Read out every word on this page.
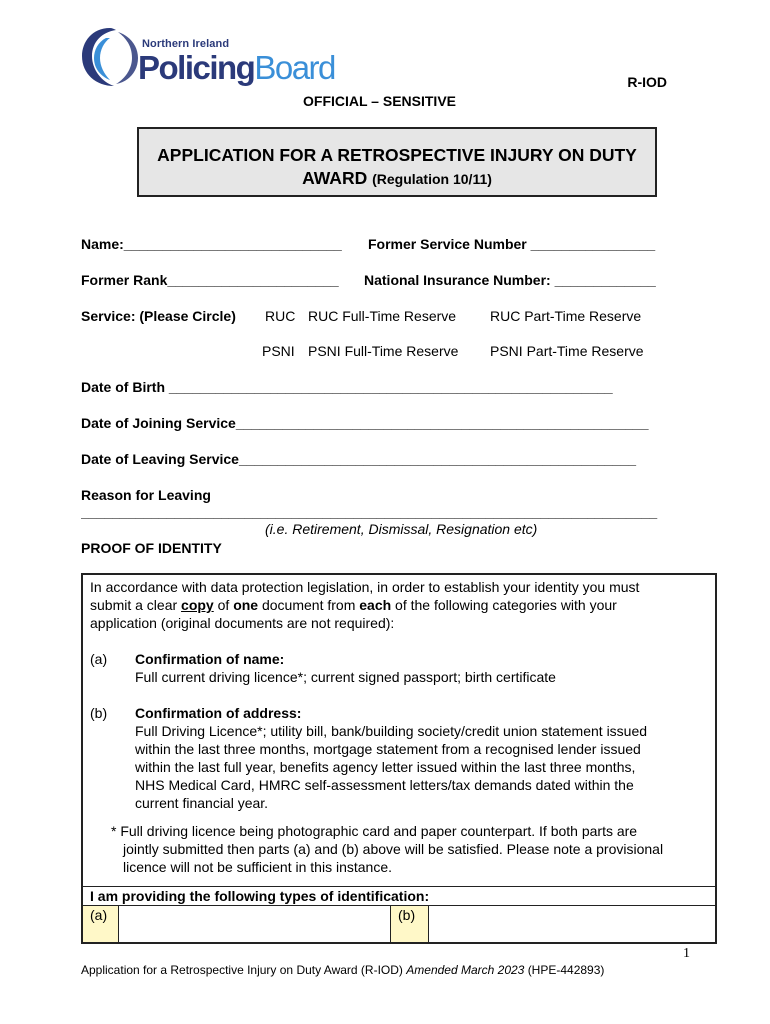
Northern Ireland
PolicingBoard	R-IOD
OFFICIAL – SENSITIVE
APPLICATION FOR A RETROSPECTIVE INJURY ON DUTY
AWARD (Regulation 10/11)
Name:____________________________ Former Service Number ________________
Former Rank______________________ National Insurance Number: _____________
Service: (Please Circle) RUC RUC Full-Time Reserve RUC Part-Time Reserve
PSNI PSNI Full-Time Reserve PSNI Part-Time Reserve
Date of Birth _________________________________________________________
Date of Joining Service_____________________________________________________
Date of Leaving Service___________________________________________________
Reason for Leaving
__________________________________________________________________________
(i.e. Retirement, Dismissal, Resignation etc)
PROOF OF IDENTITY
In accordance with data protection legislation, in order to establish your identity you must
submit a clear copy of one document from each of the following categories with your
application (original documents are not required):
(a) Confirmation of name:
Full current driving licence*; current signed passport; birth certificate
(b) Confirmation of address:
Full Driving Licence*; utility bill, bank/building society/credit union statement issued
within the last three months, mortgage statement from a recognised lender issued
within the last full year, benefits agency letter issued within the last three months,
NHS Medical Card, HMRC self-assessment letters/tax demands dated within the
current financial year.
* Full driving licence being photographic card and paper counterpart. If both parts are
jointly submitted then parts (a) and (b) above will be satisfied. Please note a provisional
licence will not be sufficient in this instance.
I am providing the following types of identification:
(a)	(b)
1
Application for a Retrospective Injury on Duty Award (R-IOD) Amended March 2023 (HPE-442893)
